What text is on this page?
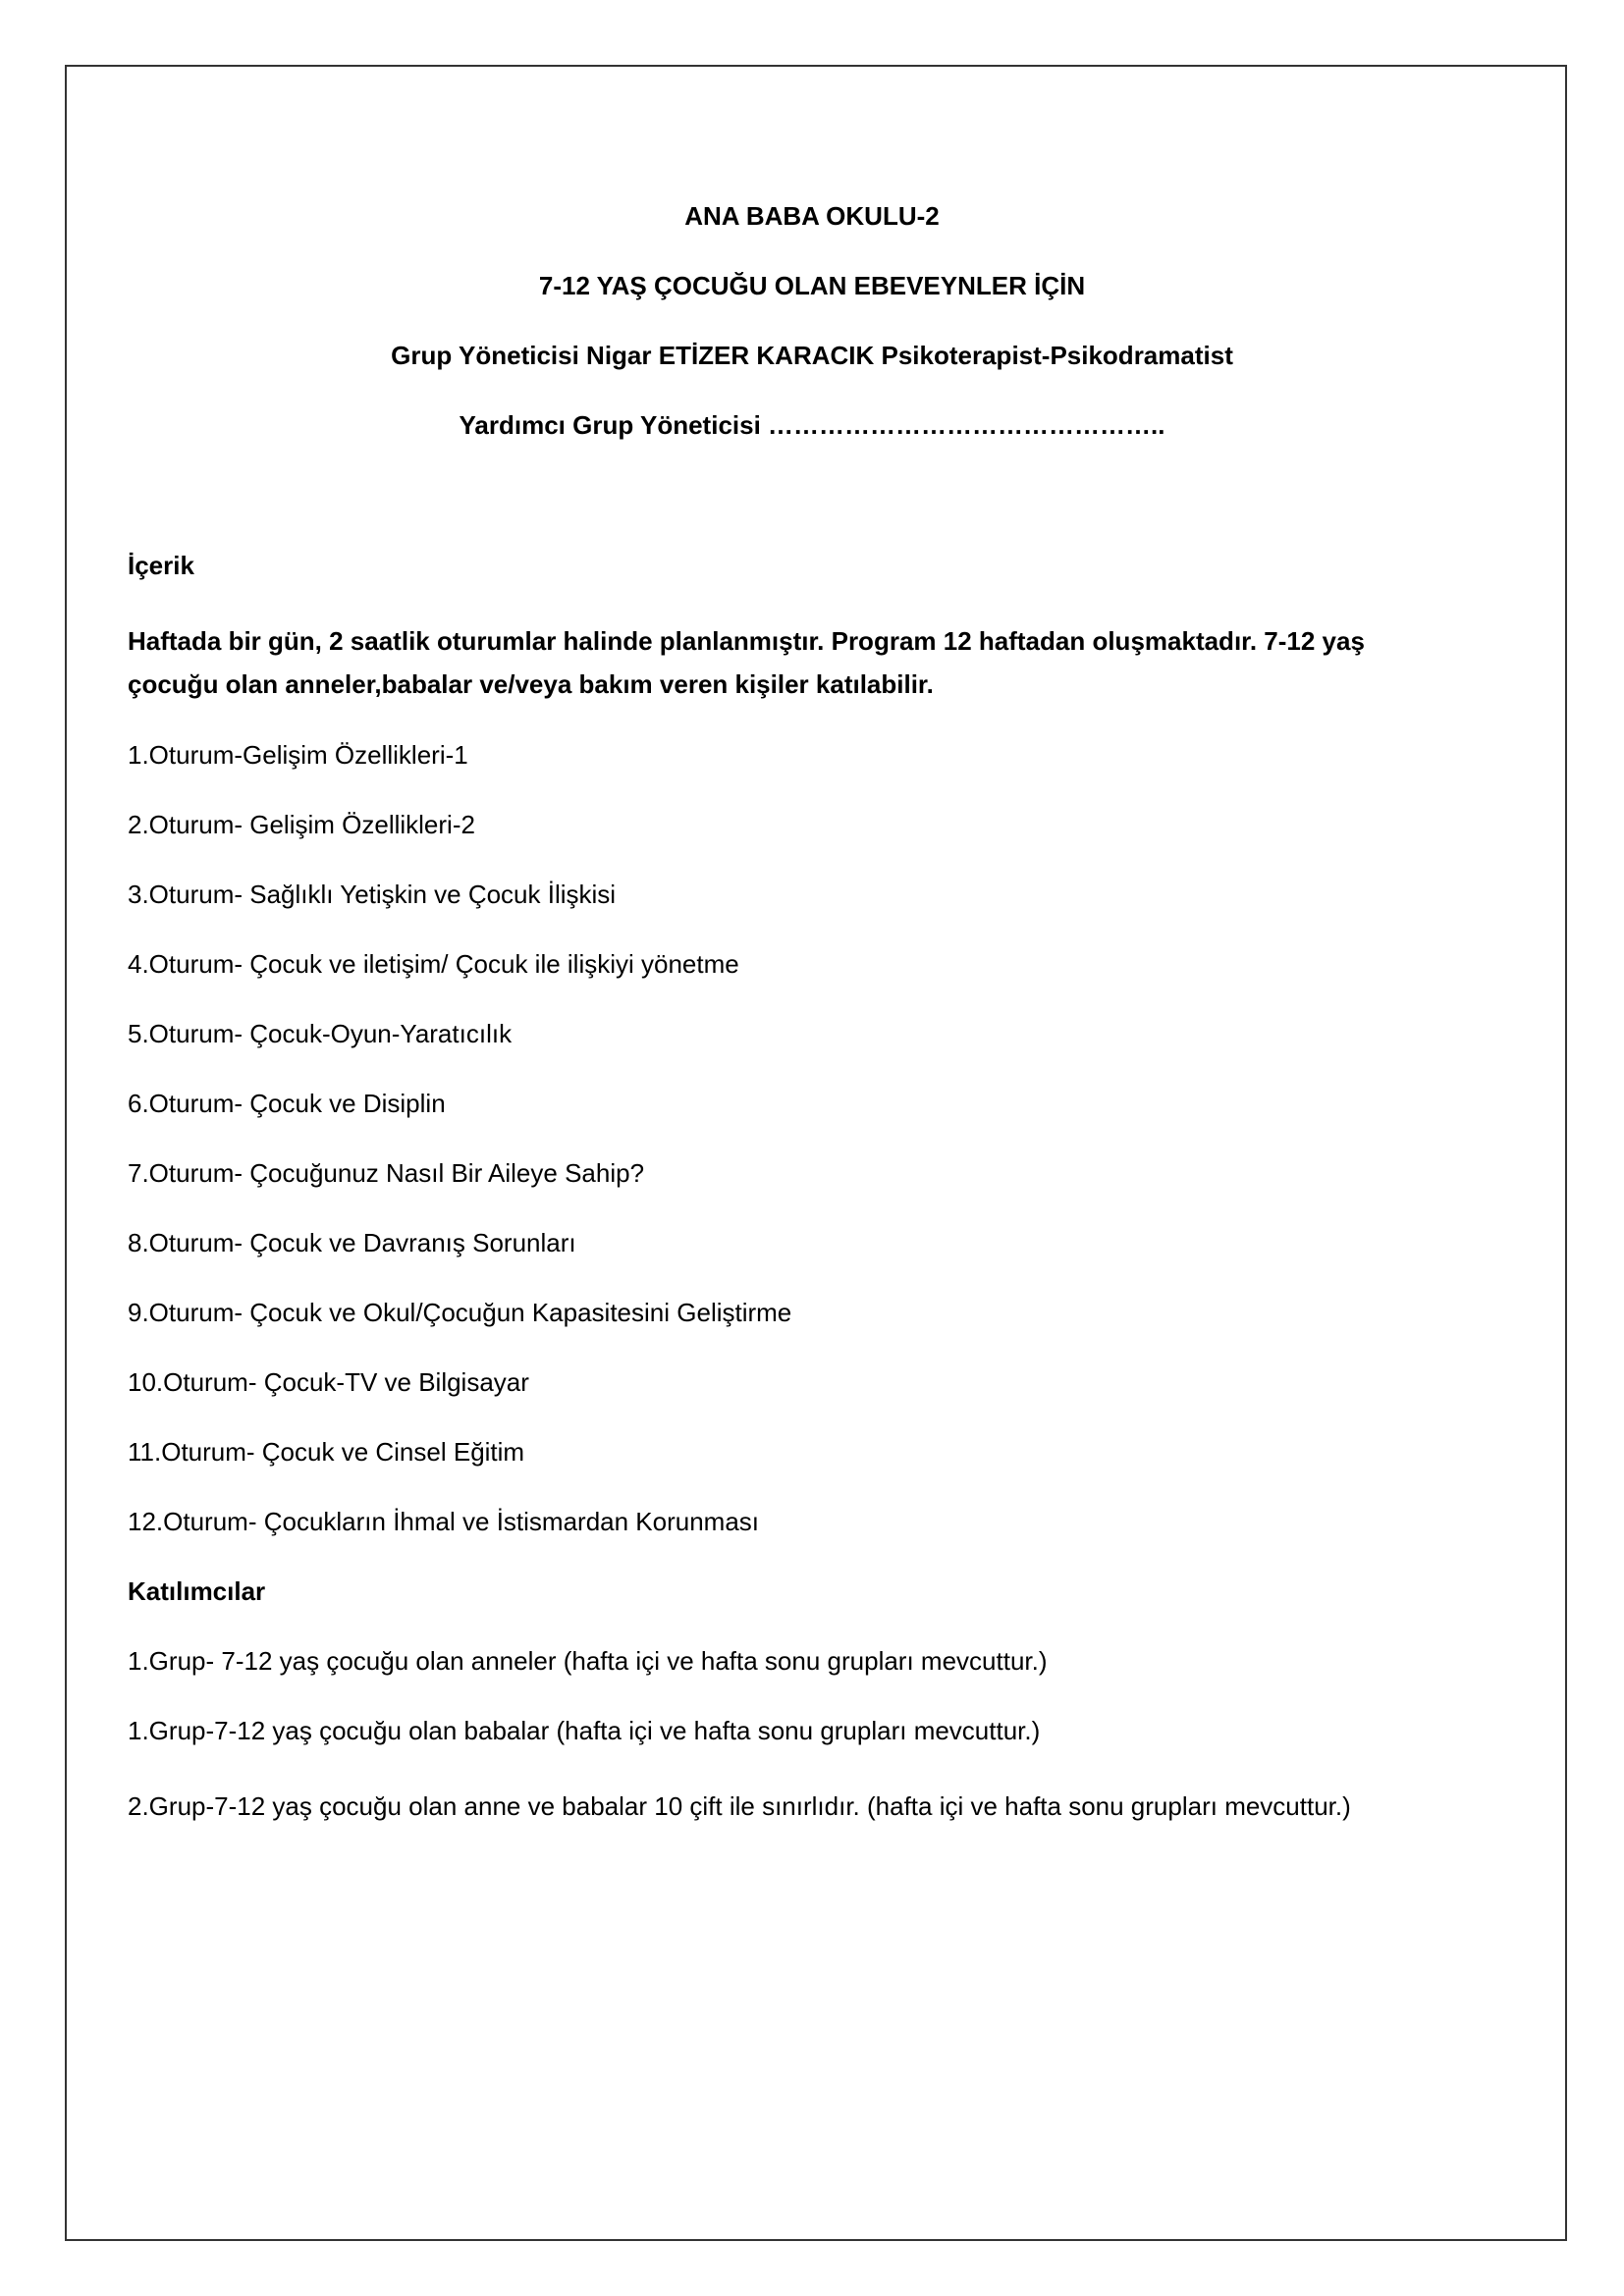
ANA BABA OKULU-2
7-12 YAŞ ÇOCUĞU OLAN EBEVEYNLER İÇİN
Grup Yöneticisi Nigar ETİZER KARACIK Psikoterapist-Psikodramatist
Yardımcı Grup Yöneticisi ………………………………………..
İçerik
Haftada bir gün, 2 saatlik oturumlar halinde planlanmıştır. Program 12 haftadan oluşmaktadır. 7-12 yaş çocuğu olan anneler,babalar ve/veya bakım veren kişiler katılabilir.
1.Oturum-Gelişim Özellikleri-1
2.Oturum- Gelişim Özellikleri-2
3.Oturum- Sağlıklı Yetişkin ve Çocuk İlişkisi
4.Oturum- Çocuk ve iletişim/ Çocuk ile ilişkiyi yönetme
5.Oturum- Çocuk-Oyun-Yaratıcılık
6.Oturum- Çocuk ve Disiplin
7.Oturum- Çocuğunuz Nasıl Bir Aileye Sahip?
8.Oturum- Çocuk ve Davranış Sorunları
9.Oturum- Çocuk ve Okul/Çocuğun Kapasitesini Geliştirme
10.Oturum- Çocuk-TV ve Bilgisayar
11.Oturum- Çocuk ve Cinsel Eğitim
12.Oturum- Çocukların İhmal ve İstismardan Korunması
Katılımcılar
1.Grup- 7-12 yaş çocuğu olan anneler (hafta içi ve hafta sonu grupları mevcuttur.)
1.Grup-7-12 yaş çocuğu olan babalar (hafta içi ve hafta sonu grupları mevcuttur.)
2.Grup-7-12 yaş çocuğu olan anne ve babalar 10 çift ile sınırlıdır. (hafta içi ve hafta sonu grupları mevcuttur.)
